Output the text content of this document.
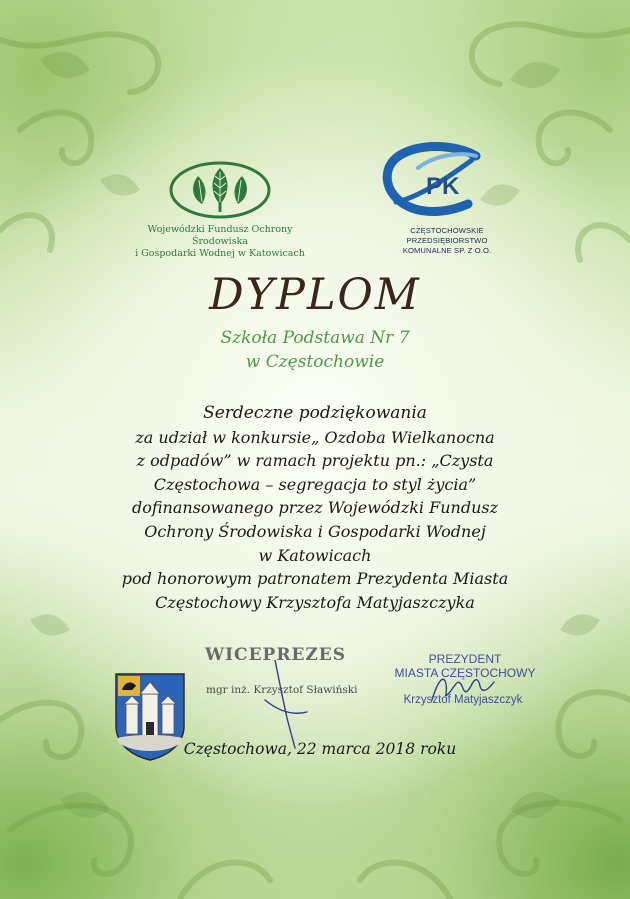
Wojewódzki Fundusz Ochrony Środowiska
i Gospodarki Wodnej w Katowicach
PK
CZĘSTOCHOWSKIE PRZEDSIĘBIORSTWO
KOMUNALNE SP. Z O.O.
DYPLOM
Szkoła Podstawa Nr 7
w Częstochowie
Serdeczne podziękowania
za udział w konkursie„ Ozdoba Wielkanocna
z odpadów” w ramach projektu pn.: „Czysta
Częstochowa – segregacja to styl życia”
dofinansowanego przez Wojewódzki Fundusz
Ochrony Środowiska i Gospodarki Wodnej
w Katowicach
pod honorowym patronatem Prezydenta Miasta
Częstochowy Krzysztofa Matyjaszczyka
WICEPREZES
mgr inż. Krzysztof Sławiński
PREZYDENT
MIASTA CZĘSTOCHOWY
Krzysztof Matyjaszczyk
Częstochowa, 22 marca 2018 roku
